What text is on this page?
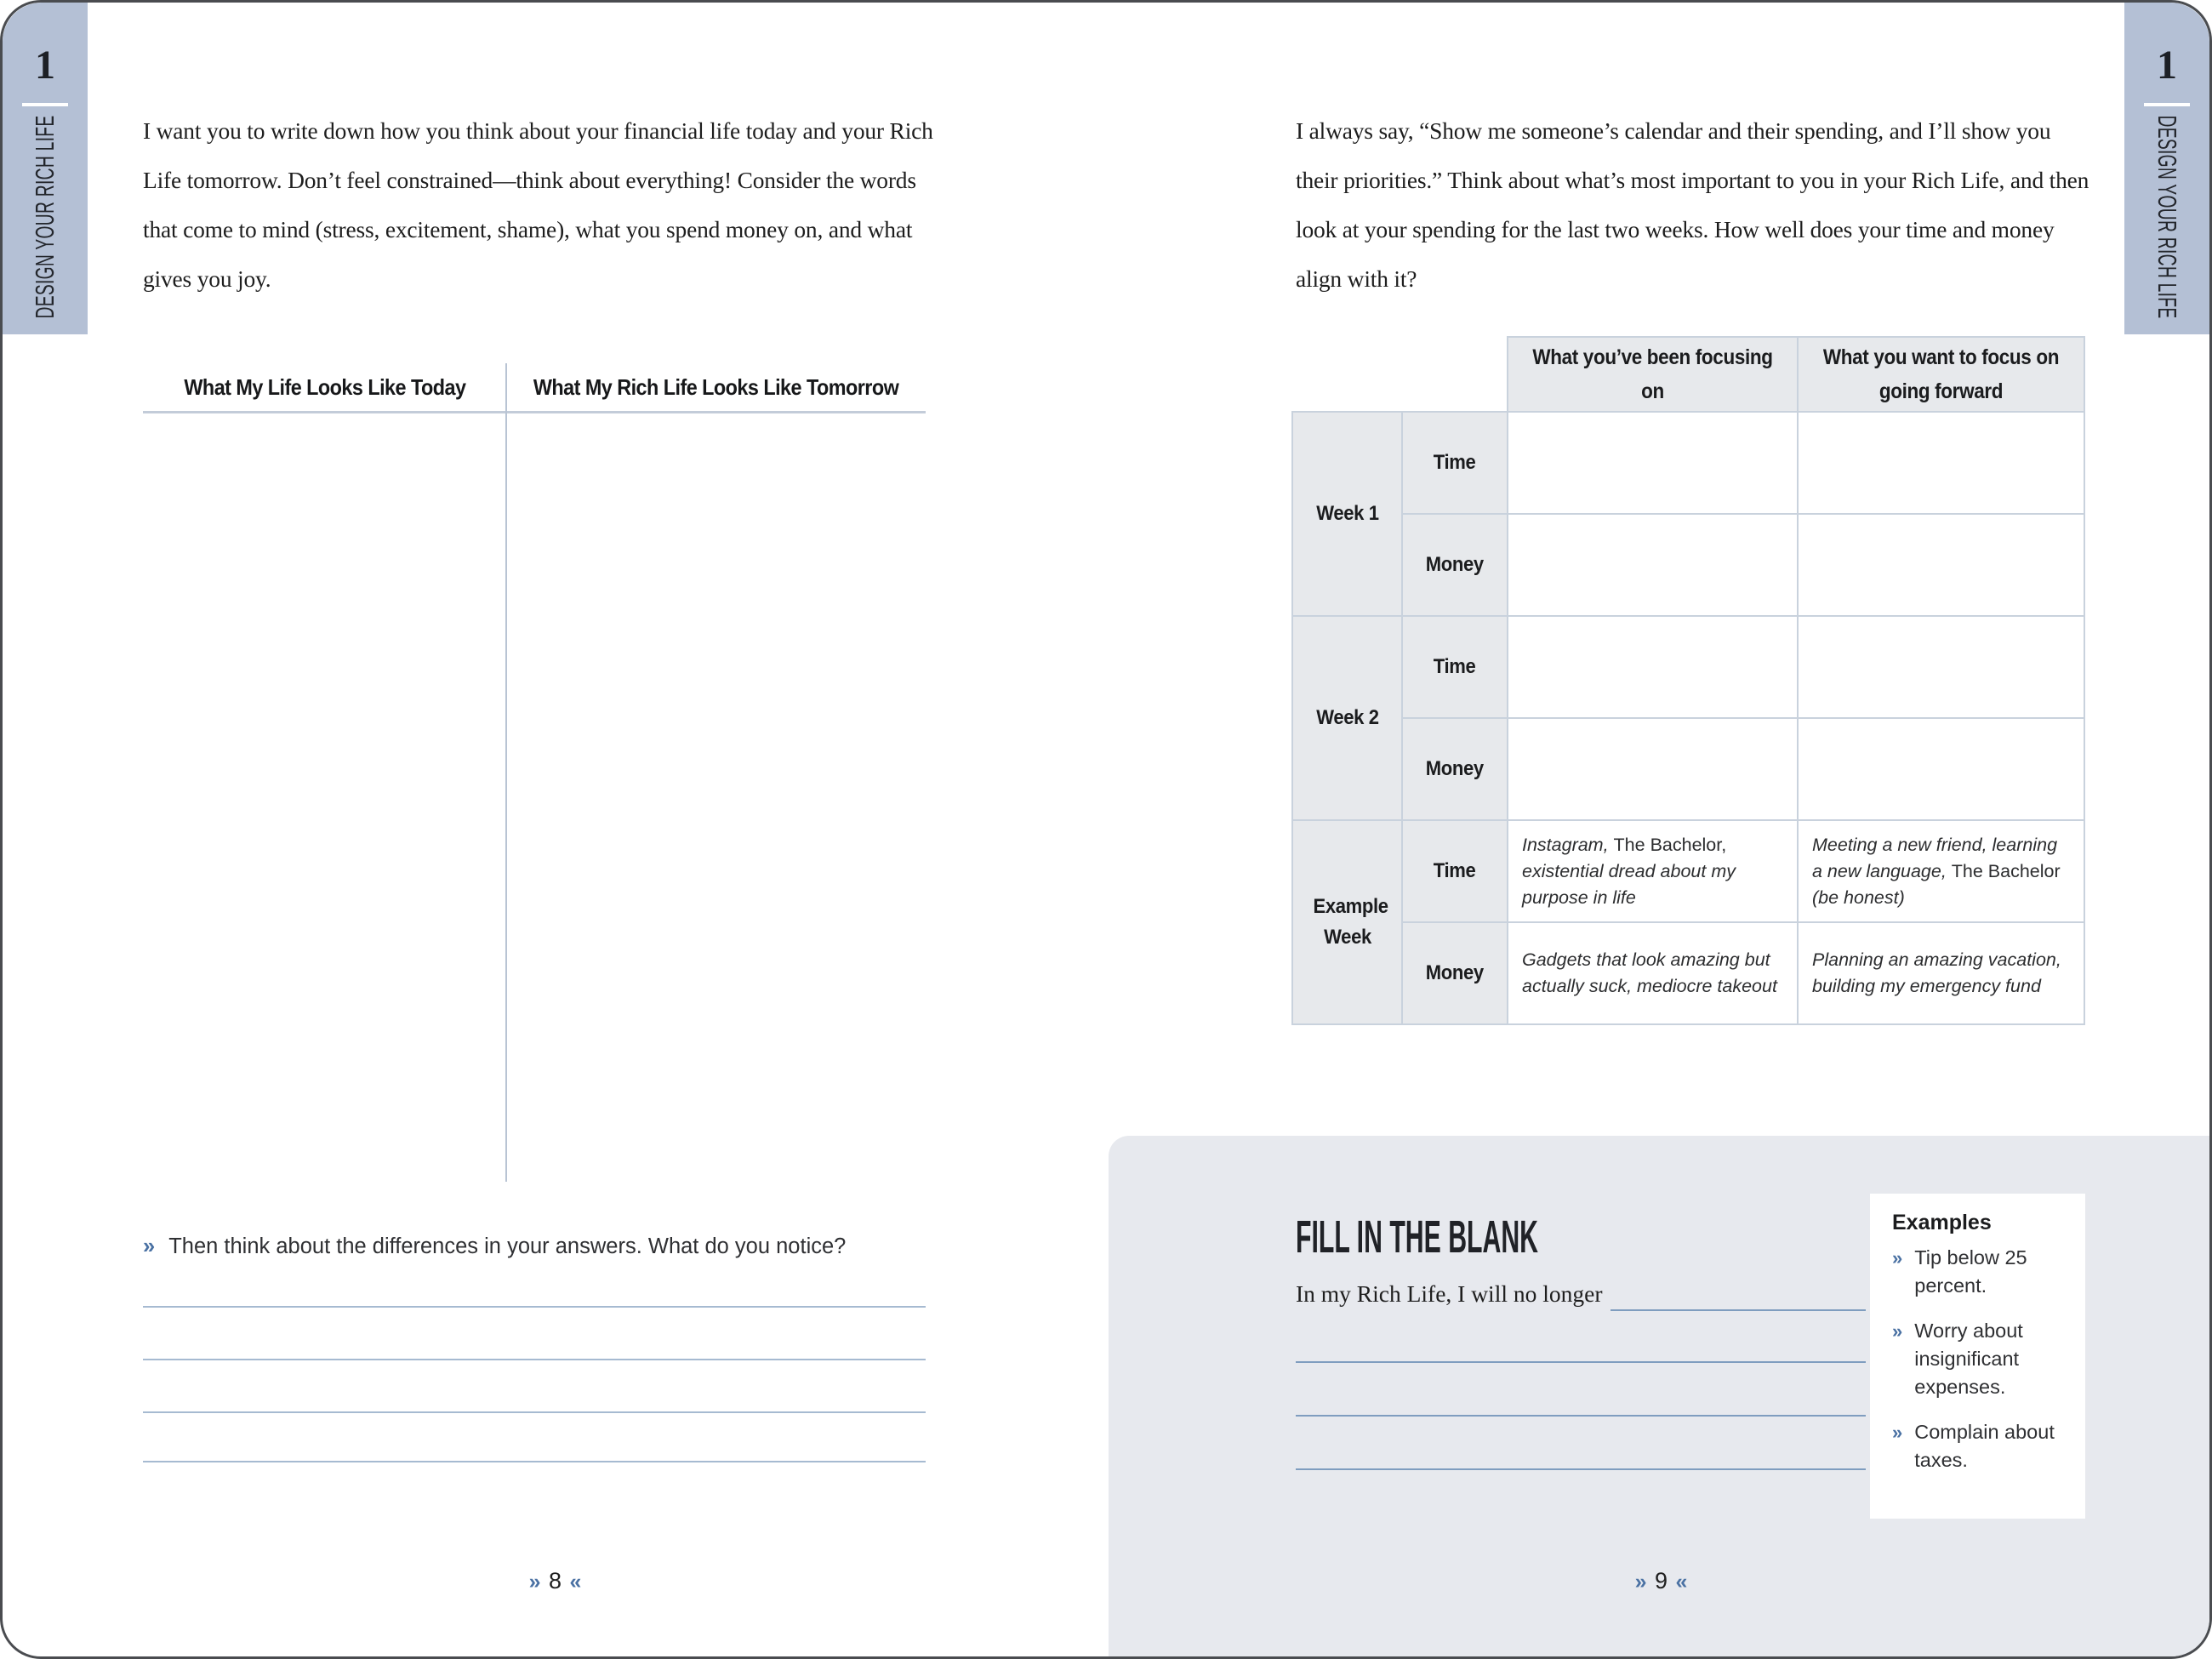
1
DESIGN YOUR RICH LIFE	I want you to write down how you think about your financial life today and your Rich Life tomorrow. Don’t feel constrained—think about everything! Consider the words that come to mind (stress, excitement, shame), what you spend money on, and what gives you joy.
What My Life Looks Like Today	What My Rich Life Looks Like Tomorrow
» Then think about the differences in your answers. What do you notice?
» 8 «
1
DESIGN YOUR RICH LIFE
I always say, “Show me someone’s calendar and their spending, and I’ll show you their priorities.” Think about what’s most important to you in your Rich Life, and then look at your spending for the last two weeks. How well does your time and money align with it?
		What you’ve been focusing on	What you want to focus on going forward
Week 1	Time		
	Money		
Week 2	Time		
	Money		
Example Week	Time	Instagram, The Bachelor, existential dread about my purpose in life	Meeting a new friend, learning a new language, The Bachelor (be honest)
	Money	Gadgets that look amazing but actually suck, mediocre takeout	Planning an amazing vacation, building my emergency fund
FILL IN THE BLANK
In my Rich Life, I will no longer
Examples
» Tip below 25 percent.
» Worry about insignificant expenses.
» Complain about taxes.
» 9 «
